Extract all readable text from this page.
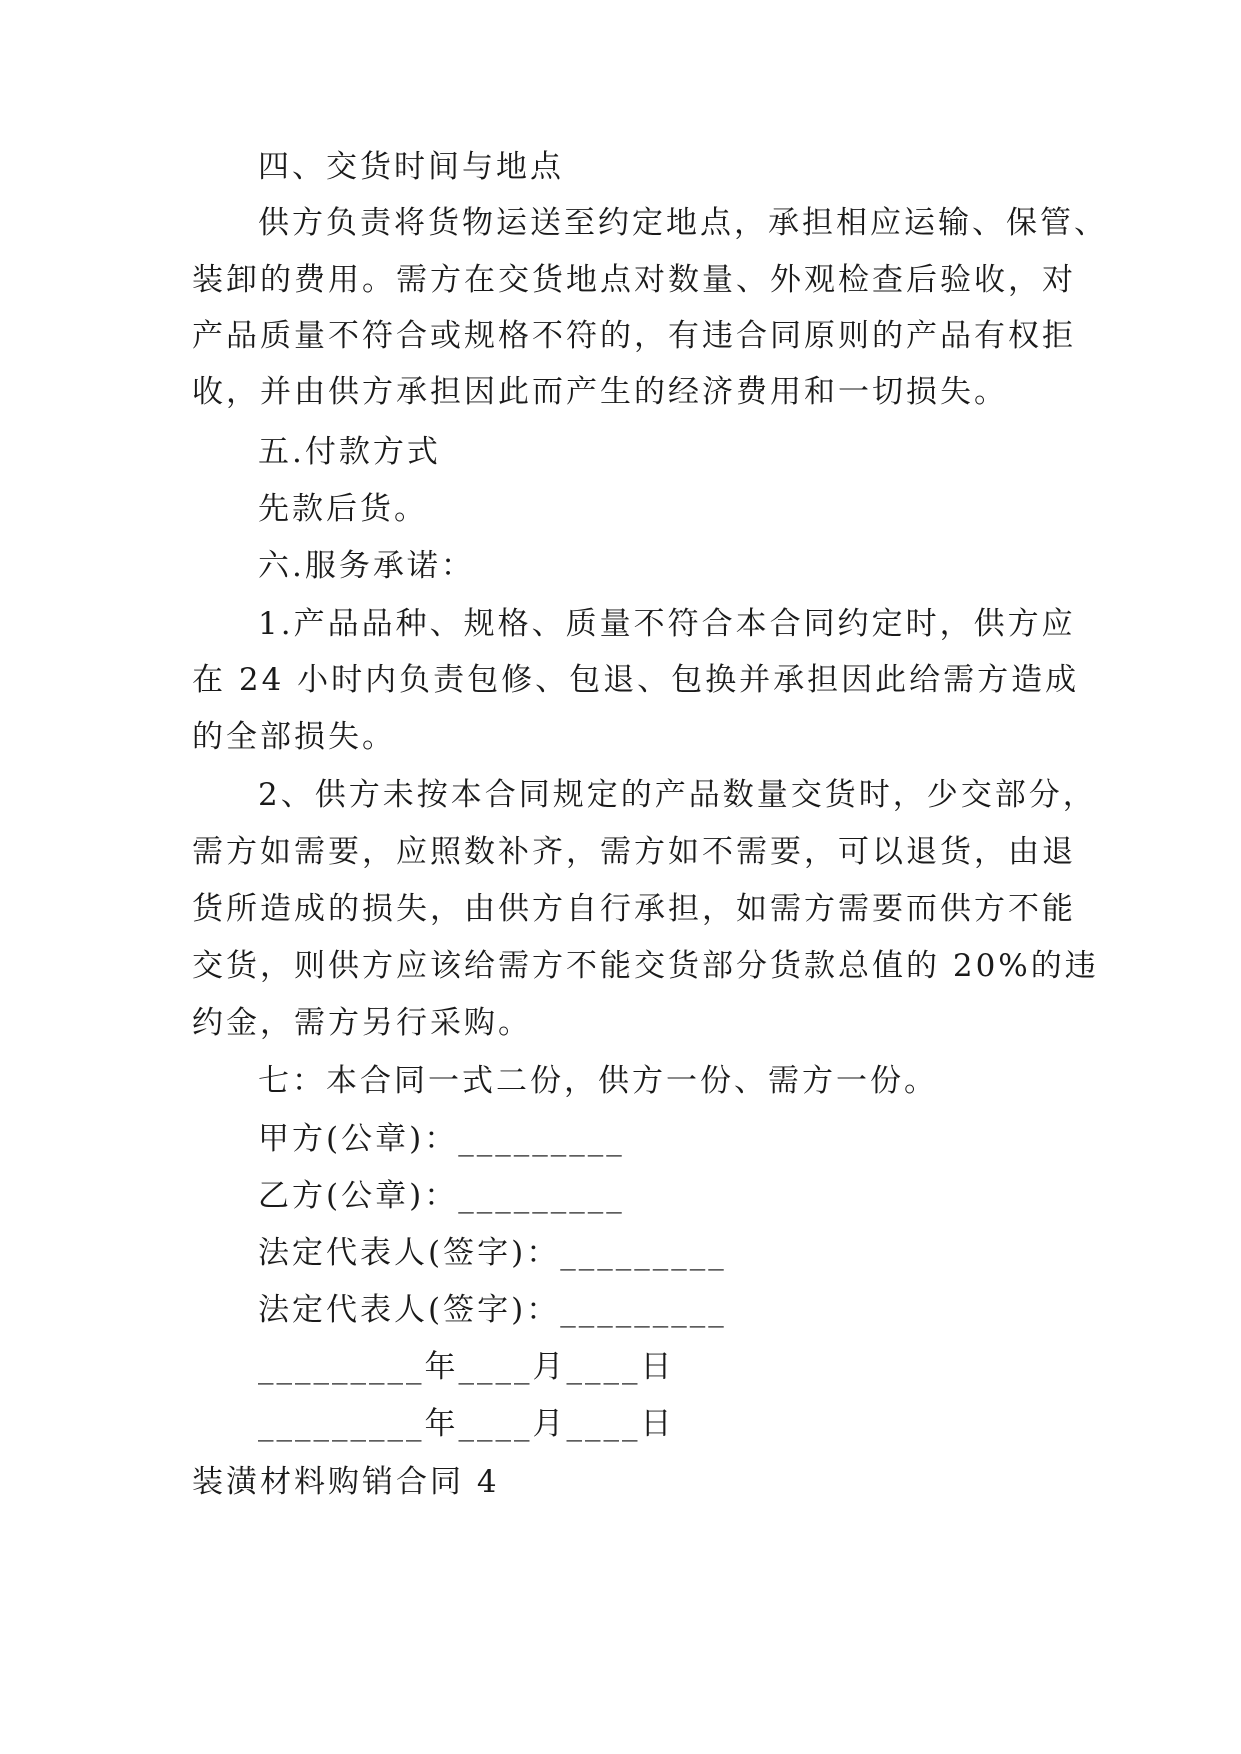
四、交货时间与地点
供方负责将货物运送至约定地点，承担相应运输、保管、
装卸的费用。需方在交货地点对数量、外观检查后验收，对
产品质量不符合或规格不符的，有违合同原则的产品有权拒
收，并由供方承担因此而产生的经济费用和一切损失。
五.付款方式
先款后货。
六.服务承诺：
1.产品品种、规格、质量不符合本合同约定时，供方应
在 24 小时内负责包修、包退、包换并承担因此给需方造成
的全部损失。
2、供方未按本合同规定的产品数量交货时，少交部分，
需方如需要，应照数补齐，需方如不需要，可以退货，由退
货所造成的损失，由供方自行承担，如需方需要而供方不能
交货，则供方应该给需方不能交货部分货款总值的 20%的违
约金，需方另行采购。
七：本合同一式二份，供方一份、需方一份。
甲方(公章)：_________
乙方(公章)：_________
法定代表人(签字)：_________
法定代表人(签字)：_________
_________年____月____日
_________年____月____日
装潢材料购销合同 4
